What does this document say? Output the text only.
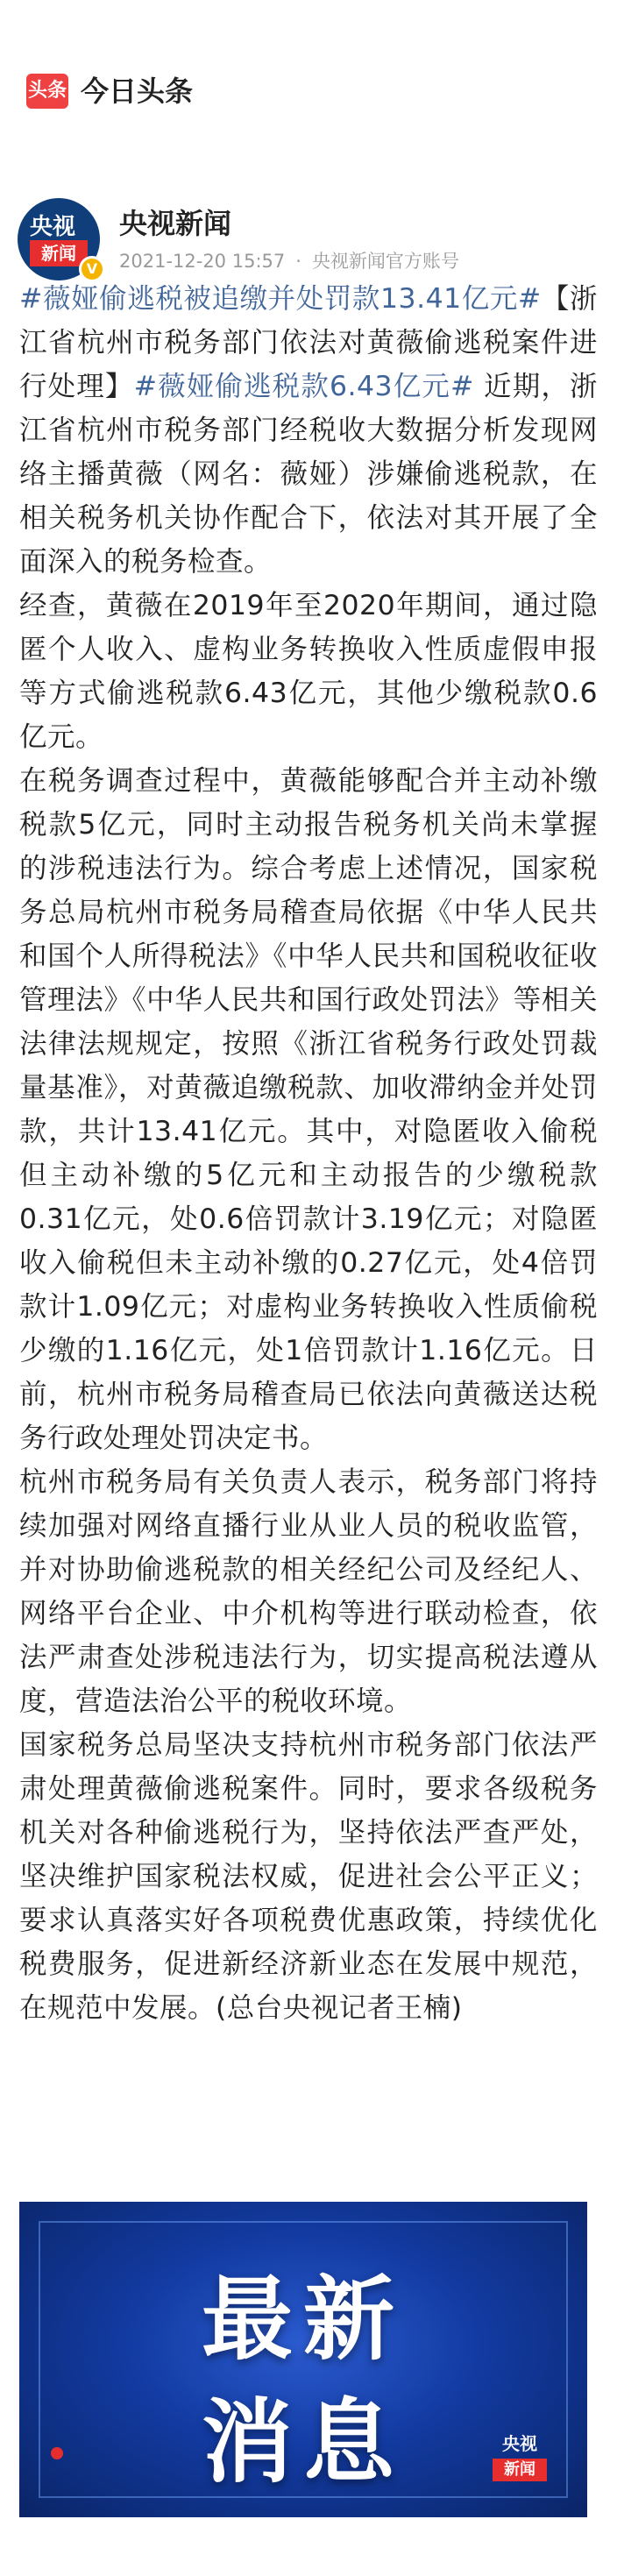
头条 今日头条
央视
新闻
V
央视新闻
2021-12-20 15:57 · 央视新闻官方账号

#薇娅偷逃税被追缴并处罚款13.41亿元#【浙江省杭州市税务部门依法对黄薇偷逃税案件进行处理】#薇娅偷逃税款6.43亿元# 近期，浙江省杭州市税务部门经税收大数据分析发现网络主播黄薇（网名：薇娅）涉嫌偷逃税款，在相关税务机关协作配合下，依法对其开展了全面深入的税务检查。

经查，黄薇在2019年至2020年期间，通过隐匿个人收入、虚构业务转换收入性质虚假申报等方式偷逃税款6.43亿元，其他少缴税款0.6亿元。

在税务调查过程中，黄薇能够配合并主动补缴税款5亿元，同时主动报告税务机关尚未掌握的涉税违法行为。综合考虑上述情况，国家税务总局杭州市税务局稽查局依据《中华人民共和国个人所得税法》《中华人民共和国税收征收管理法》《中华人民共和国行政处罚法》等相关法律法规规定，按照《浙江省税务行政处罚裁量基准》，对黄薇追缴税款、加收滞纳金并处罚款，共计13.41亿元。其中，对隐匿收入偷税但主动补缴的5亿元和主动报告的少缴税款0.31亿元，处0.6倍罚款计3.19亿元；对隐匿收入偷税但未主动补缴的0.27亿元，处4倍罚款计1.09亿元；对虚构业务转换收入性质偷税少缴的1.16亿元，处1倍罚款计1.16亿元。日前，杭州市税务局稽查局已依法向黄薇送达税务行政处理处罚决定书。

杭州市税务局有关负责人表示，税务部门将持续加强对网络直播行业从业人员的税收监管，并对协助偷逃税款的相关经纪公司及经纪人、网络平台企业、中介机构等进行联动检查，依法严肃查处涉税违法行为，切实提高税法遵从度，营造法治公平的税收环境。

国家税务总局坚决支持杭州市税务部门依法严肃处理黄薇偷逃税案件。同时，要求各级税务机关对各种偷逃税行为，坚持依法严查严处，坚决维护国家税法权威，促进社会公平正义；要求认真落实好各项税费优惠政策，持续优化税费服务，促进新经济新业态在发展中规范，在规范中发展。(总台央视记者王楠)

最新
消息	央视
新闻
